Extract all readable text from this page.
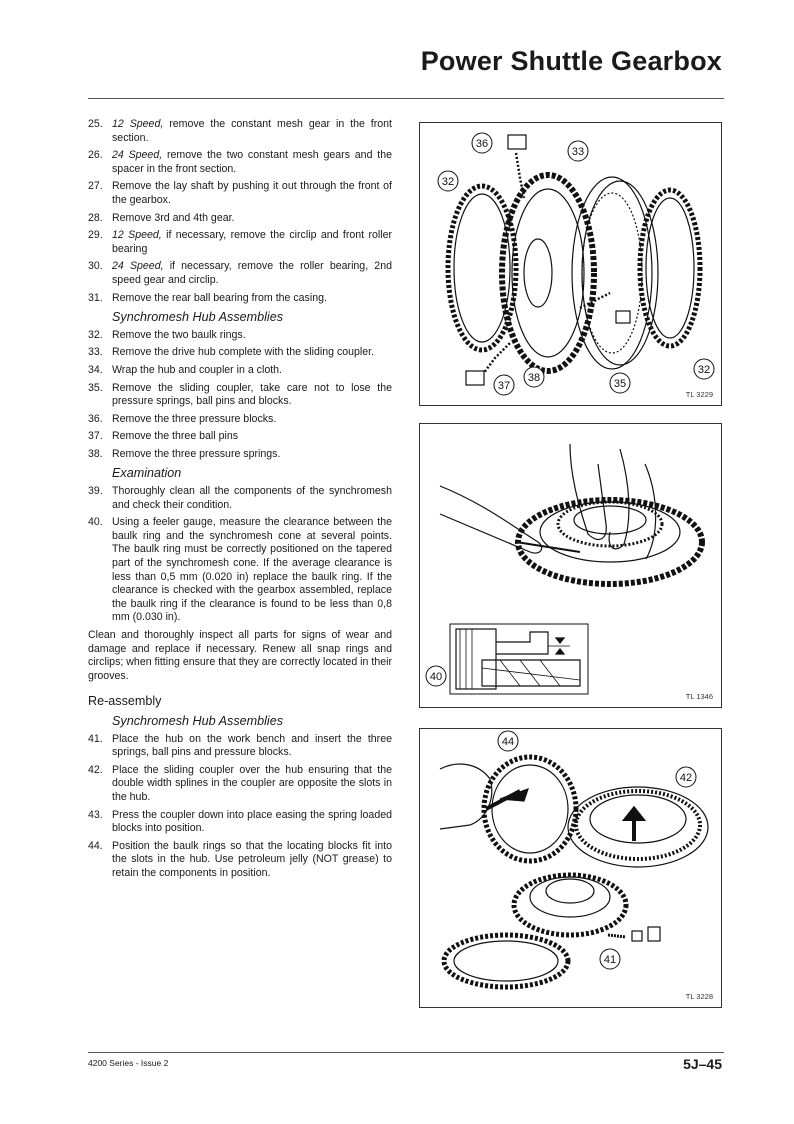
Power Shuttle Gearbox
25. 12 Speed, remove the constant mesh gear in the front section.
26. 24 Speed, remove the two constant mesh gears and the spacer in the front section.
27. Remove the lay shaft by pushing it out through the front of the gearbox.
28. Remove 3rd and 4th gear.
29. 12 Speed, if necessary, remove the circlip and front roller bearing
30. 24 Speed, if necessary, remove the roller bearing, 2nd speed gear and circlip.
31. Remove the rear ball bearing from the casing.
Synchromesh Hub Assemblies
32. Remove the two baulk rings.
33. Remove the drive hub complete with the sliding coupler.
34. Wrap the hub and coupler in a cloth.
35. Remove the sliding coupler, take care not to lose the pressure springs, ball pins and blocks.
36. Remove the three pressure blocks.
37. Remove the three ball pins
38. Remove the three pressure springs.
Examination
39. Thoroughly clean all the components of the synchromesh and check their condition.
40. Using a feeler gauge, measure the clearance between the baulk ring and the synchromesh cone at several points. The baulk ring must be correctly positioned on the tapered part of the synchromesh cone. If the average clearance is less than 0,5 mm (0.020 in) replace the baulk ring. If the clearance is checked with the gearbox assembled, replace the baulk ring if the clearance is found to be less than 0,8 mm (0.030 in).
Clean and thoroughly inspect all parts for signs of wear and damage and replace if necessary. Renew all snap rings and circlips; when fitting ensure that they are correctly located in their grooves.
Re-assembly
Synchromesh Hub Assemblies
41. Place the hub on the work bench and insert the three springs, ball pins and pressure blocks.
42. Place the sliding coupler over the hub ensuring that the double width splines in the coupler are opposite the slots in the hub.
43. Press the coupler down into place easing the spring loaded blocks into position.
44. Position the baulk rings so that the locating blocks fit into the slots in the hub. Use petroleum jelly (NOT grease) to retain the components in position.
36
33
32
32
37
38	35
TL 3229
40
TL 1346
44
42
41
TL 3228
4200 Series - Issue 2	5J–45
